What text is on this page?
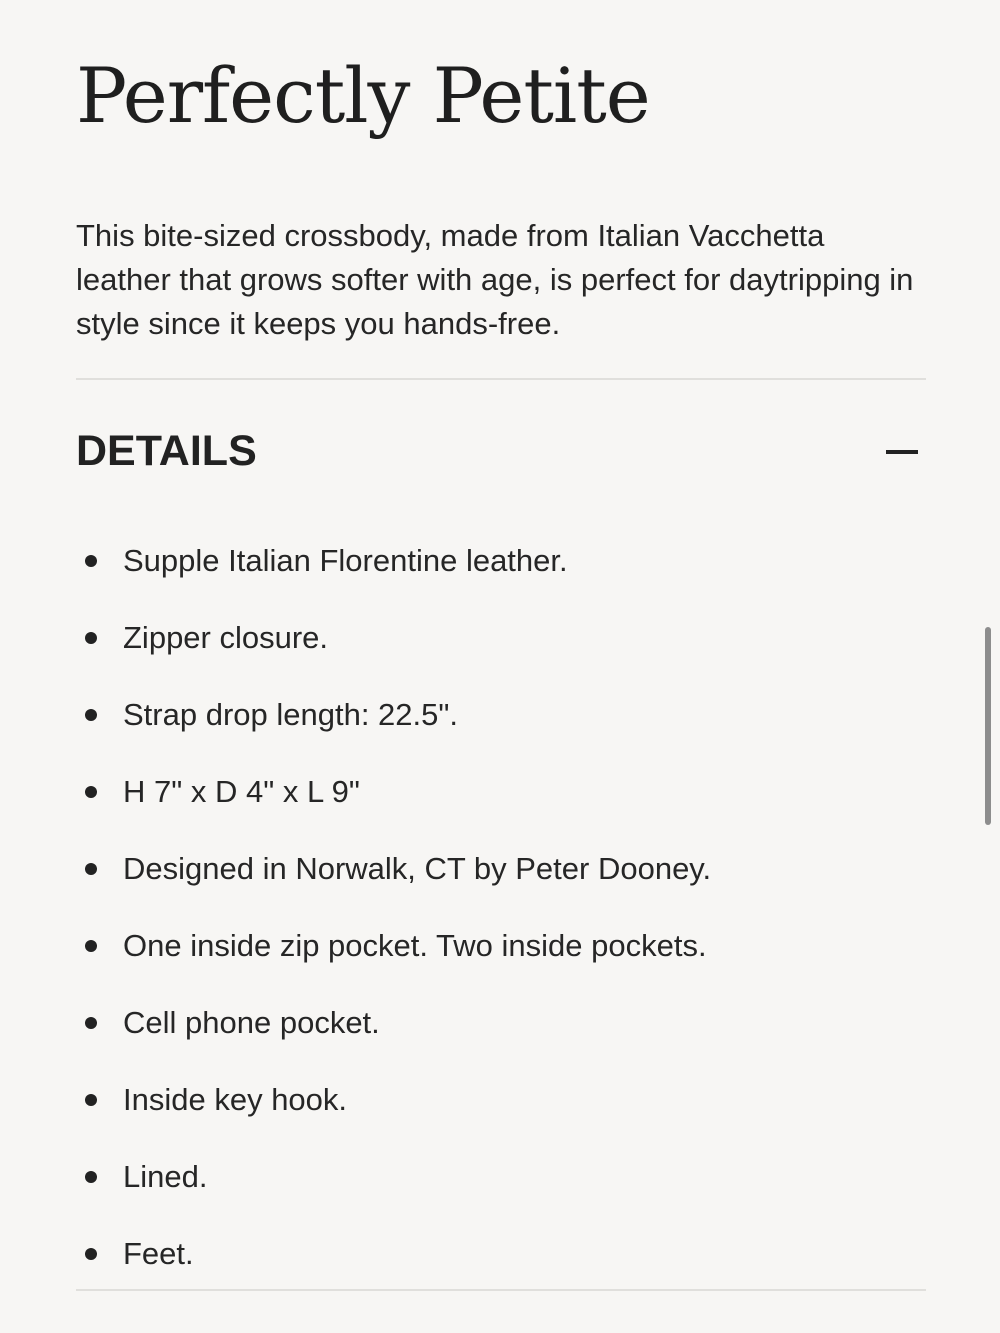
Perfectly Petite

This bite-sized crossbody, made from Italian Vacchetta leather that grows softer with age, is perfect for daytripping in style since it keeps you hands-free.

DETAILS
Supple Italian Florentine leather.
Zipper closure.
Strap drop length: 22.5".
H 7" x D 4" x L 9"
Designed in Norwalk, CT by Peter Dooney.
One inside zip pocket. Two inside pockets.
Cell phone pocket.
Inside key hook.
Lined.
Feet.
